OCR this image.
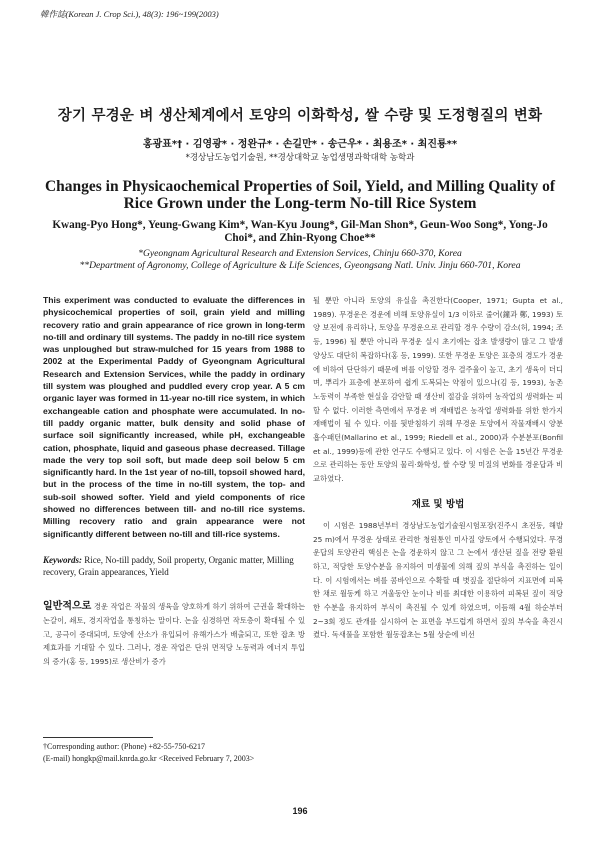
韓作誌(Korean J. Crop Sci.), 48(3): 196~199(2003)
장기 무경운 벼 생산체계에서 토양의 이화학성, 쌀 수량 및 도정형질의 변화
홍광표*† · 김영광* · 정완규* · 손길만* · 송근우* · 최용조* · 최진룡**
*경상남도농업기술원, **경상대학교 농업생명과학대학 농학과
Changes in Physicaochemical Properties of Soil, Yield, and Milling Quality of Rice Grown under the Long-term No-till Rice System
Kwang-Pyo Hong*, Yeung-Gwang Kim*, Wan-Kyu Joung*, Gil-Man Shon*, Geun-Woo Song*, Yong-Jo Choi*, and Zhin-Ryong Choe**
*Gyeongnam Agricultural Research and Extension Services, Chinju 660-370, Korea
**Department of Agronomy, College of Agriculture & Life Sciences, Gyeongsang Natl. Univ. Jinju 660-701, Korea
This experiment was conducted to evaluate the differences in physicochemical properties of soil, grain yield and milling recovery ratio and grain appearance of rice grown in long-term no-till and ordinary till systems. The paddy in no-till rice system was unploughed but straw-mulched for 15 years from 1988 to 2002 at the Experimental Paddy of Gyeongnam Agricultural Research and Extension Services, while the paddy in ordinary till system was ploughed and puddled every crop year. A 5 cm organic layer was formed in 11-year no-till rice system, in which exchangeable cation and phosphate were accumulated. In no-till paddy organic matter, bulk density and solid phase of surface soil significantly increased, while pH, exchangeable cation, phosphate, liquid and gaseous phase decreased. Tillage made the very top soil soft, but made deep soil below 5 cm significantly hard. In the 1st year of no-till, topsoil showed hard, but in the process of the time in no-till system, the top- and sub-soil showed softer. Yield and yield components of rice showed no differences between till- and no-till rice systems. Milling recovery ratio and grain appearance were not significantly different between no-till and till-rice systems.
Keywords: Rice, No-till paddy, Soil property, Organic matter, Milling recovery, Grain appearances, Yield
일반적으로 경운 작업은 작물의 생육을 양호하게 하기 위하여 근권을 확대하는 논갈이, 쇄토, 경지작업을 통칭하는 말이다. 논을 심경하면 작토층이 확대될 수 있고, 공극이 증대되며, 토양에 산소가 유입되어 유해가스가 배출되고, 또한 잡초 방제효과를 기대할 수 있다. 그러나, 경운 작업은 단위 면적당 노동력과 에너지 투입의 증가(홍 등, 1995)로 생산비가 증가
†Corresponding author: (Phone) +82-55-750-6217
(E-mail) hongkp@mail.knrda.go.kr <Received February 7, 2003>
될 뿐만 아니라 토양의 유실을 촉진한다(Cooper, 1971; Gupta et al., 1989). 무경운은 경운에 비해 토양유실이 1/3 이하로 줄어(鐘과 鄭, 1993) 토양 보전에 유리하나, 토양을 무경운으로 관리할 경우 수량이 감소(허, 1994; 조 등, 1996) 될 뿐만 아니라 무경운 실시 초기에는 잡초 발생량이 많고 그 발생 양상도 대단히 복잡하다(홍 등, 1999). 또한 무경운 토양은 표층의 경도가 경운에 비하여 단단하기 때문에 벼를 이앙할 경우 결주율이 높고, 초기 생육이 더디며, 뿌리가 표층에 분포하여 쉽게 도복되는 약점이 있으나(김 등, 1993), 농촌 노동력이 부족한 현실을 감안할 때 생산비 절감을 위하여 농작업의 생력화는 피할 수 없다. 이러한 측면에서 무경운 벼 재배법은 농작업 생력화를 위한 한가지 재배법이 될 수 있다. 이를 뒷받침하기 위해 무경운 토양에서 작물재배시 양분 흡수패턴(Mallarino et al., 1999; Riedell et al., 2000)과 수분분포(Bonfil et al., 1999)등에 관한 연구도 수행되고 있다. 이 시험은 논을 15년간 무경운으로 관리하는 동안 토양의 물리·화학성, 쌀 수량 및 미질의 변화를 경운답과 비교하였다.
재료 및 방법
이 시험은 1988년부터 경상남도농업기술원시험포장(진주시 초전동, 해발 25 m)에서 무경운 상태로 관리한 청원통인 미사질 양토에서 수행되었다. 무경운답의 토양관리 핵심은 논을 경운하지 않고 그 논에서 생산된 짚을 전량 환원하고, 적당한 토양수분을 유지하여 미생물에 의해 짚의 부식을 촉진하는 일이다. 이 시험에서는 벼를 콤바인으로 수확할 때 볏짚을 절단하여 지표면에 피복한 채로 월동케 하고 겨울동안 눈이나 비를 최대한 이용하여 피복된 짚이 적당한 수분을 유지하여 부식이 촉진될 수 있게 하였으며, 이듬해 4월 하순부터 2~3회 정도 관개를 실시하여 논 표면을 부드럽게 하면서 짚의 부숙을 촉진시켰다. 독새풀을 포함한 월동잡초는 5월 상순에 비선
196
